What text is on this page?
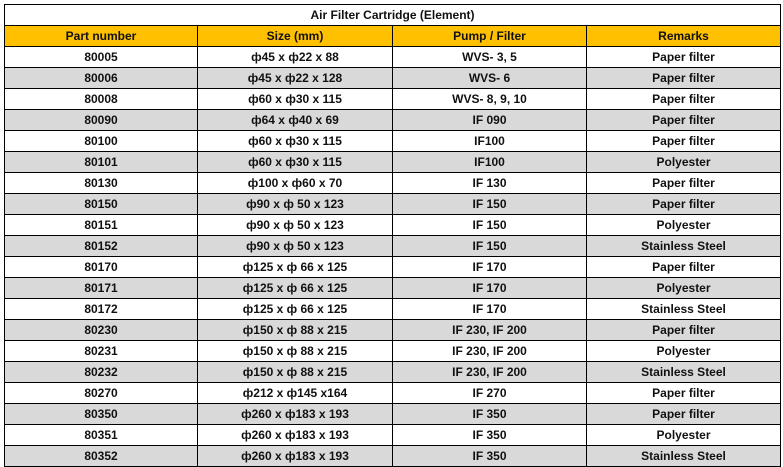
Air Filter Cartridge (Element)			
Part number	Size (mm)	Pump / Filter	Remarks
80005	ф45 x ф22 x 88	WVS- 3, 5	Paper filter
80006	ф45 x ф22 x 128	WVS- 6	Paper filter
80008	ф60 x ф30 x 115	WVS- 8, 9, 10	Paper filter
80090	ф64 x ф40 x 69	IF 090	Paper filter
80100	ф60 x ф30 x 115	IF100	Paper filter
80101	ф60 x ф30 x 115	IF100	Polyester
80130	ф100 x ф60 x 70	IF 130	Paper filter
80150	ф90 x ф 50 x 123	IF 150	Paper filter
80151	ф90 x ф 50 x 123	IF 150	Polyester
80152	ф90 x ф 50 x 123	IF 150	Stainless Steel
80170	ф125 x ф 66 x 125	IF 170	Paper filter
80171	ф125 x ф 66 x 125	IF 170	Polyester
80172	ф125 x ф 66 x 125	IF 170	Stainless Steel
80230	ф150 x ф 88 x 215	IF 230, IF 200	Paper filter
80231	ф150 x ф 88 x 215	IF 230, IF 200	Polyester
80232	ф150 x ф 88 x 215	IF 230, IF 200	Stainless Steel
80270	ф212 x ф145 x164	IF 270	Paper filter
80350	ф260 x ф183 x 193	IF 350	Paper filter
80351	ф260 x ф183 x 193	IF 350	Polyester
80352	ф260 x ф183 x 193	IF 350	Stainless Steel
